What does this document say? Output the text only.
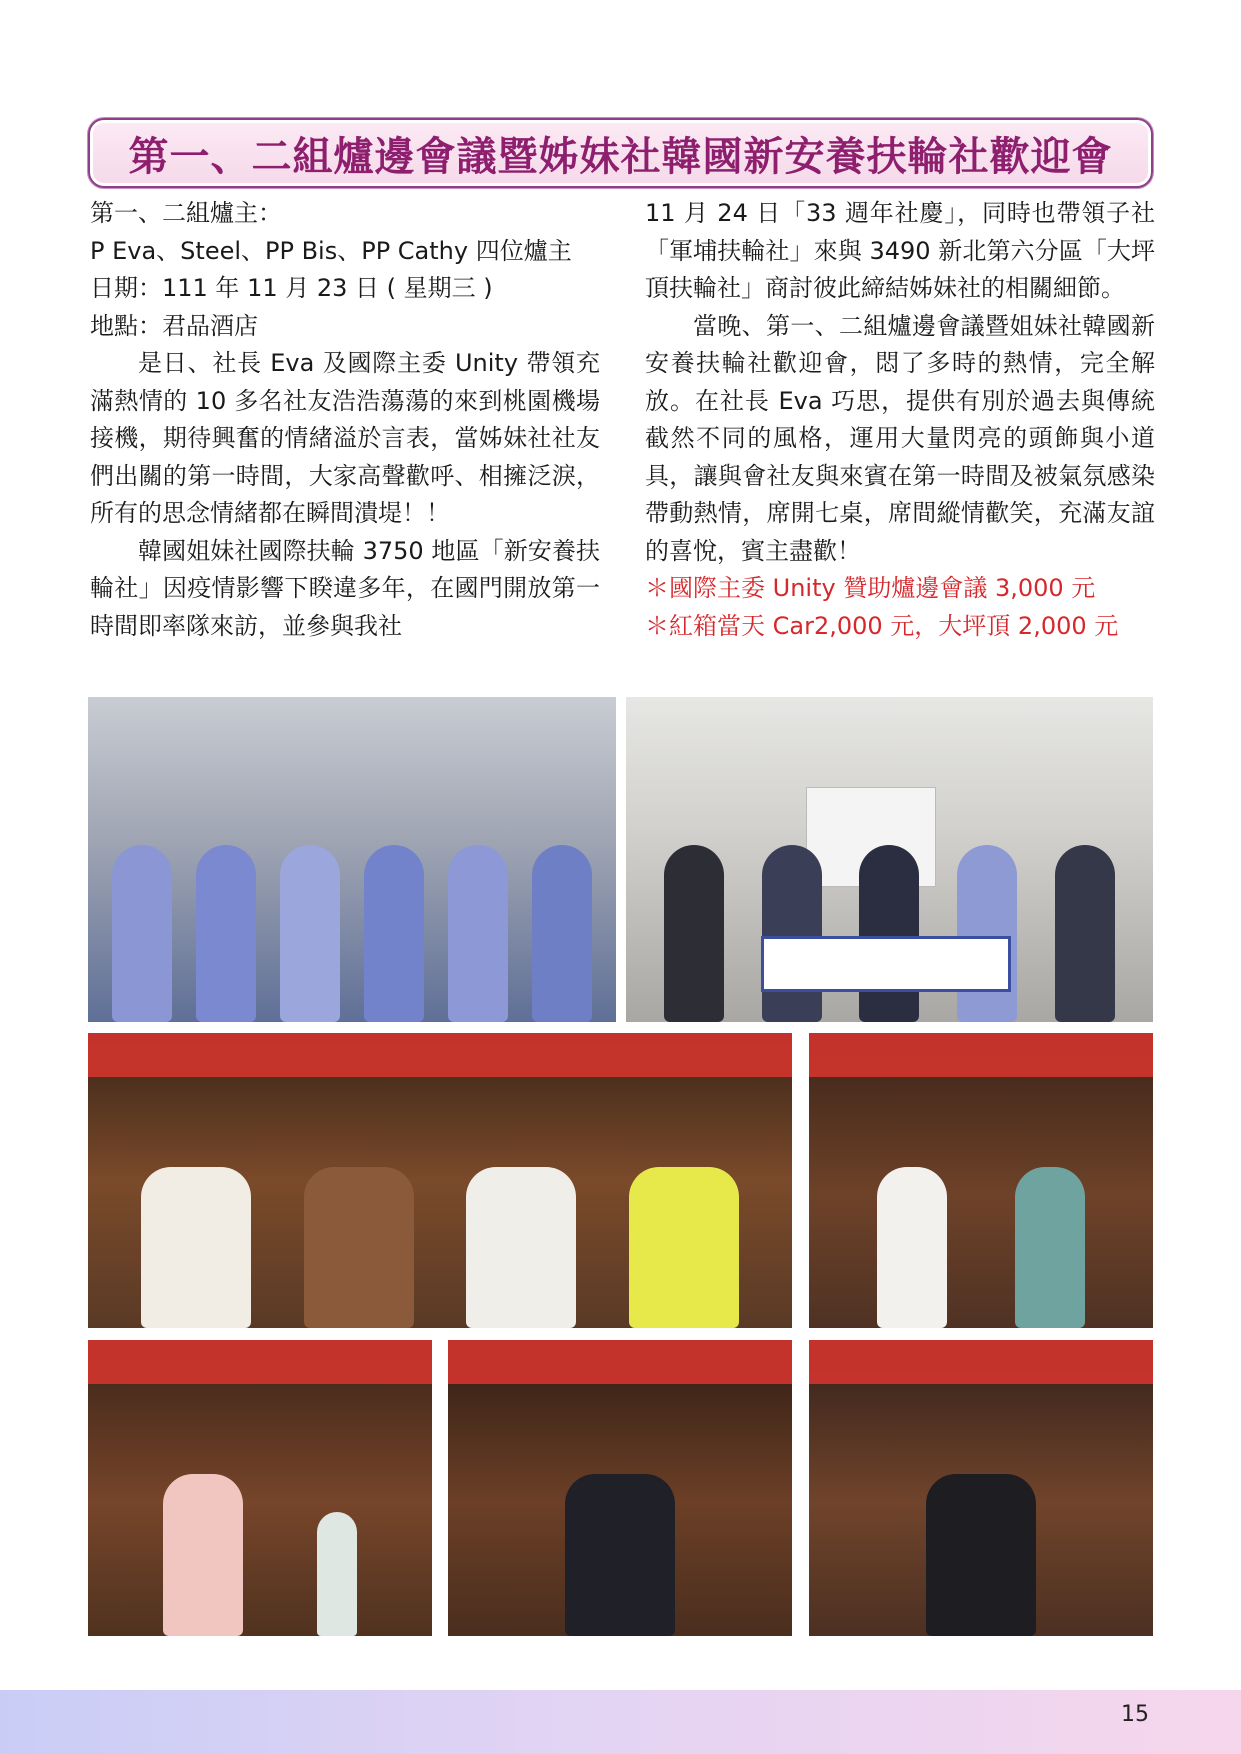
第一、二組爐邊會議暨姊妹社韓國新安養扶輪社歡迎會

第一、二組爐主：

P Eva、Steel、PP Bis、PP Cathy 四位爐主

日期：111 年 11 月 23 日 ( 星期三 )

地點：君品酒店

是日、社長 Eva 及國際主委 Unity 帶領充滿熱情的 10 多名社友浩浩蕩蕩的來到桃園機場接機，期待興奮的情緒溢於言表，當姊妹社社友們出關的第一時間，大家高聲歡呼、相擁泛淚，所有的思念情緒都在瞬間潰堤！！

韓國姐妹社國際扶輪 3750 地區「新安養扶輪社」因疫情影響下睽違多年，在國門開放第一時間即率隊來訪，並參與我社

11 月 24 日「33 週年社慶」，同時也帶領子社「軍埔扶輪社」來與 3490 新北第六分區「大坪頂扶輪社」商討彼此締結姊妹社的相關細節。

當晚、第一、二組爐邊會議暨姐妹社韓國新安養扶輪社歡迎會，悶了多時的熱情，完全解放。在社長 Eva 巧思，提供有別於過去與傳統截然不同的風格，運用大量閃亮的頭飾與小道具，讓與會社友與來賓在第一時間及被氣氛感染帶動熱情，席開七桌，席間縱情歡笑，充滿友誼的喜悅，賓主盡歡！

＊國際主委 Unity 贊助爐邊會議 3,000 元

＊紅箱當天 Car2,000 元，大坪頂 2,000 元

15
